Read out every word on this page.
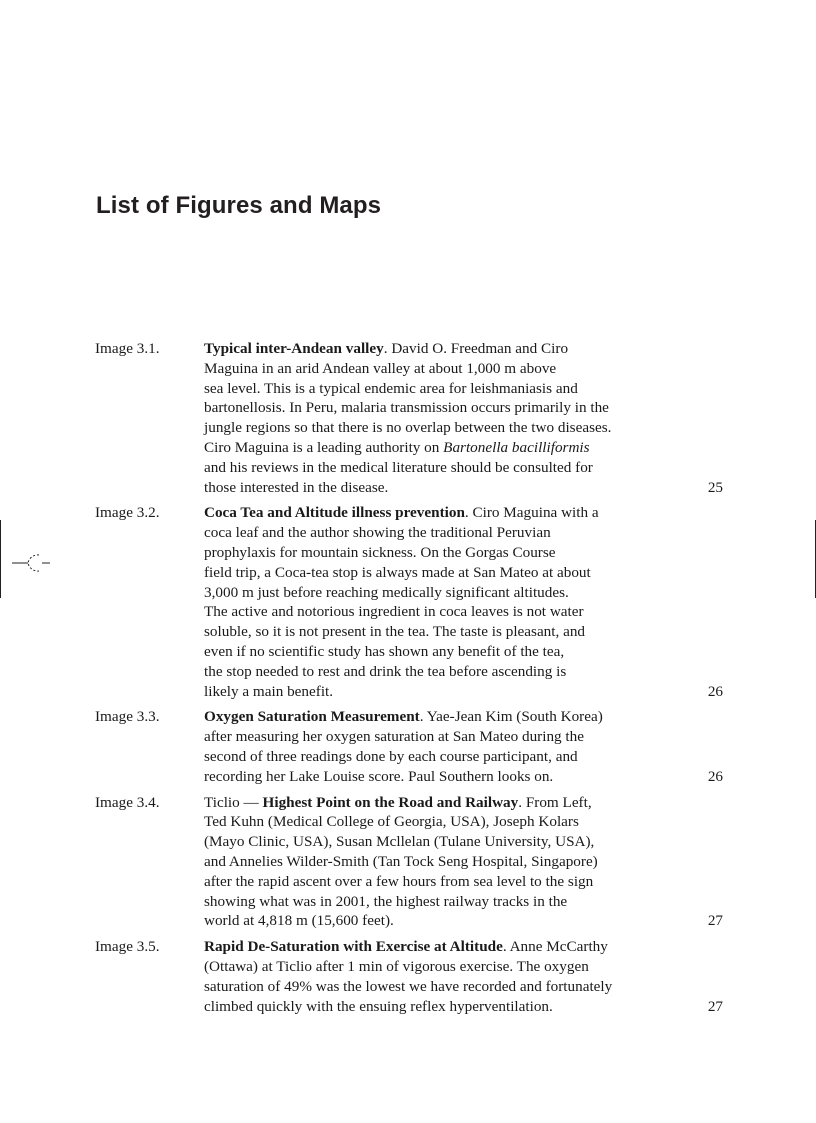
List of Figures and Maps
Image 3.1.	Typical inter-Andean valley. David O. Freedman and Ciro
Maguina in an arid Andean valley at about 1,000 m above
sea level. This is a typical endemic area for leishmaniasis and
bartonellosis. In Peru, malaria transmission occurs primarily in the
jungle regions so that there is no overlap between the two diseases.
Ciro Maguina is a leading authority on Bartonella bacilliformis
and his reviews in the medical literature should be consulted for
those interested in the disease.	25
Image 3.2.	Coca Tea and Altitude illness prevention. Ciro Maguina with a
coca leaf and the author showing the traditional Peruvian
prophylaxis for mountain sickness. On the Gorgas Course
field trip, a Coca-tea stop is always made at San Mateo at about
3,000 m just before reaching medically significant altitudes.
The active and notorious ingredient in coca leaves is not water
soluble, so it is not present in the tea. The taste is pleasant, and
even if no scientific study has shown any benefit of the tea,
the stop needed to rest and drink the tea before ascending is
likely a main benefit.	26
Image 3.3.	Oxygen Saturation Measurement. Yae-Jean Kim (South Korea)
after measuring her oxygen saturation at San Mateo during the
second of three readings done by each course participant, and
recording her Lake Louise score. Paul Southern looks on.	26
Image 3.4.	Ticlio — Highest Point on the Road and Railway. From Left,
Ted Kuhn (Medical College of Georgia, USA), Joseph Kolars
(Mayo Clinic, USA), Susan Mcllelan (Tulane University, USA),
and Annelies Wilder-Smith (Tan Tock Seng Hospital, Singapore)
after the rapid ascent over a few hours from sea level to the sign
showing what was in 2001, the highest railway tracks in the
world at 4,818 m (15,600 feet).	27
Image 3.5.	Rapid De-Saturation with Exercise at Altitude. Anne McCarthy
(Ottawa) at Ticlio after 1 min of vigorous exercise. The oxygen
saturation of 49% was the lowest we have recorded and fortunately
climbed quickly with the ensuing reflex hyperventilation.	27
